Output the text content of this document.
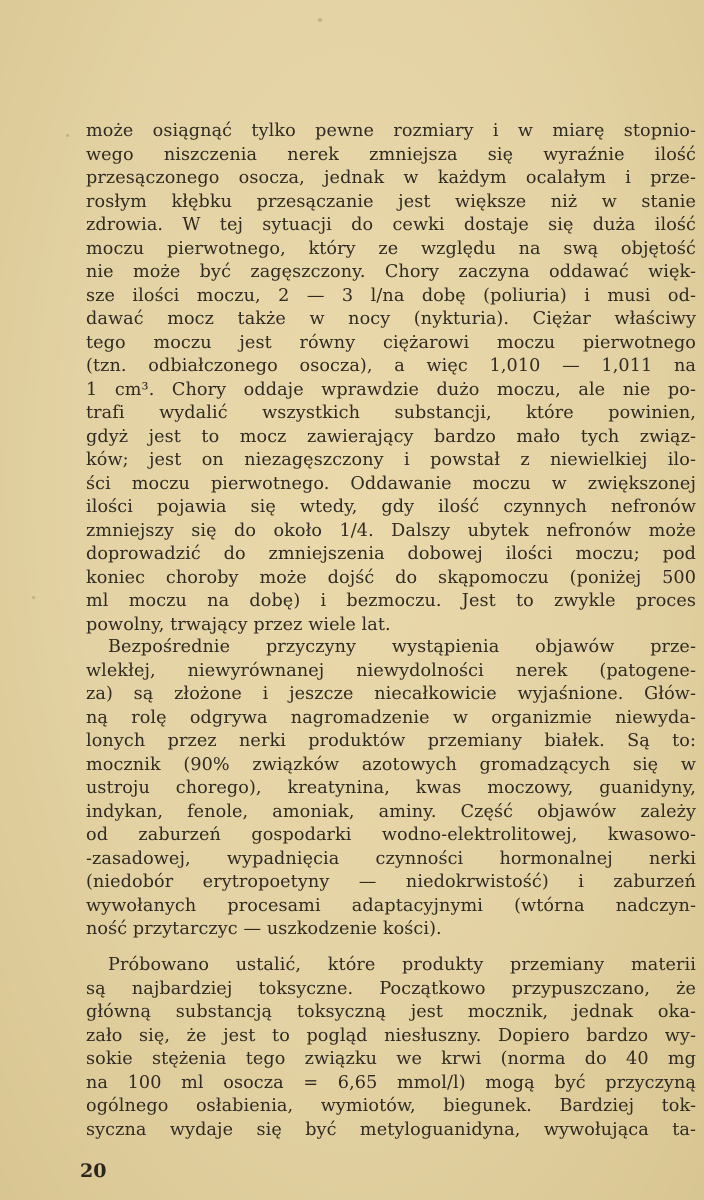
może osiągnąć tylko pewne rozmiary i w miarę stopnio-
wego niszczenia nerek zmniejsza się wyraźnie ilość
przesączonego osocza, jednak w każdym ocalałym i prze-
rosłym kłębku przesączanie jest większe niż w stanie
zdrowia. W tej sytuacji do cewki dostaje się duża ilość
moczu pierwotnego, który ze względu na swą objętość
nie może być zagęszczony. Chory zaczyna oddawać więk-
sze ilości moczu, 2 — 3 l/na dobę (poliuria) i musi od-
dawać mocz także w nocy (nykturia). Ciężar właściwy
tego moczu jest równy ciężarowi moczu pierwotnego
(tzn. odbiałczonego osocza), a więc 1,010 — 1,011 na
1 cm³. Chory oddaje wprawdzie dużo moczu, ale nie po-
trafi wydalić wszystkich substancji, które powinien,
gdyż jest to mocz zawierający bardzo mało tych związ-
ków; jest on niezagęszczony i powstał z niewielkiej ilo-
ści moczu pierwotnego. Oddawanie moczu w zwiększonej
ilości pojawia się wtedy, gdy ilość czynnych nefronów
zmniejszy się do około 1/4. Dalszy ubytek nefronów może
doprowadzić do zmniejszenia dobowej ilości moczu; pod
koniec choroby może dojść do skąpomoczu (poniżej 500
ml moczu na dobę) i bezmoczu. Jest to zwykle proces
powolny, trwający przez wiele lat.
Bezpośrednie przyczyny wystąpienia objawów prze-
wlekłej, niewyrównanej niewydolności nerek (patogene-
za) są złożone i jeszcze niecałkowicie wyjaśnione. Głów-
ną rolę odgrywa nagromadzenie w organizmie niewyda-
lonych przez nerki produktów przemiany białek. Są to:
mocznik (90% związków azotowych gromadzących się w
ustroju chorego), kreatynina, kwas moczowy, guanidyny,
indykan, fenole, amoniak, aminy. Część objawów zależy
od zaburzeń gospodarki wodno-elektrolitowej, kwasowo-
-zasadowej, wypadnięcia czynności hormonalnej nerki
(niedobór erytropoetyny — niedokrwistość) i zaburzeń
wywołanych procesami adaptacyjnymi (wtórna nadczyn-
ność przytarczyc — uszkodzenie kości).
Próbowano ustalić, które produkty przemiany materii
są najbardziej toksyczne. Początkowo przypuszczano, że
główną substancją toksyczną jest mocznik, jednak oka-
zało się, że jest to pogląd niesłuszny. Dopiero bardzo wy-
sokie stężenia tego związku we krwi (norma do 40 mg
na 100 ml osocza = 6,65 mmol/l) mogą być przyczyną
ogólnego osłabienia, wymiotów, biegunek. Bardziej tok-
syczna wydaje się być metyloguanidyna, wywołująca ta-
20
